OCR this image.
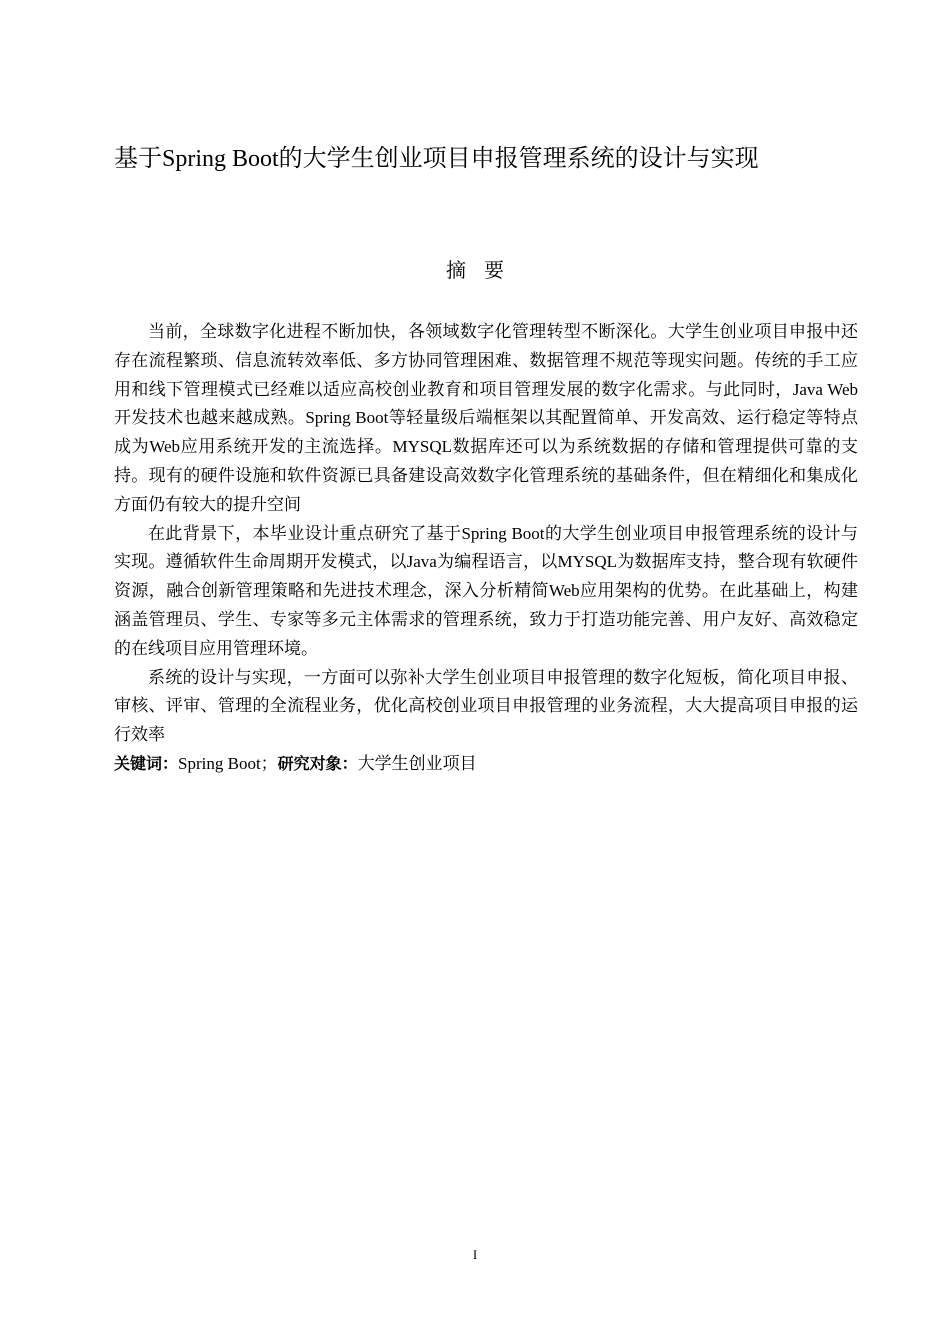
基于Spring Boot的大学生创业项目申报管理系统的设计与实现
摘要

当前，全球数字化进程不断加快，各领域数字化管理转型不断深化。大学生创业项目申报中还存在流程繁琐、信息流转效率低、多方协同管理困难、数据管理不规范等现实问题。传统的手工应用和线下管理模式已经难以适应高校创业教育和项目管理发展的数字化需求。与此同时，Java Web开发技术也越来越成熟。Spring Boot等轻量级后端框架以其配置简单、开发高效、运行稳定等特点成为Web应用系统开发的主流选择。MYSQL数据库还可以为系统数据的存储和管理提供可靠的支持。现有的硬件设施和软件资源已具备建设高效数字化管理系统的基础条件，但在精细化和集成化方面仍有较大的提升空间

在此背景下，本毕业设计重点研究了基于Spring Boot的大学生创业项目申报管理系统的设计与实现。遵循软件生命周期开发模式，以Java为编程语言，以MYSQL为数据库支持，整合现有软硬件资源，融合创新管理策略和先进技术理念，深入分析精简Web应用架构的优势。在此基础上，构建涵盖管理员、学生、专家等多元主体需求的管理系统，致力于打造功能完善、用户友好、高效稳定的在线项目应用管理环境。

系统的设计与实现，一方面可以弥补大学生创业项目申报管理的数字化短板，简化项目申报、审核、评审、管理的全流程业务，优化高校创业项目申报管理的业务流程，大大提高项目申报的运行效率

关键词：Spring Boot；研究对象：大学生创业项目
I
